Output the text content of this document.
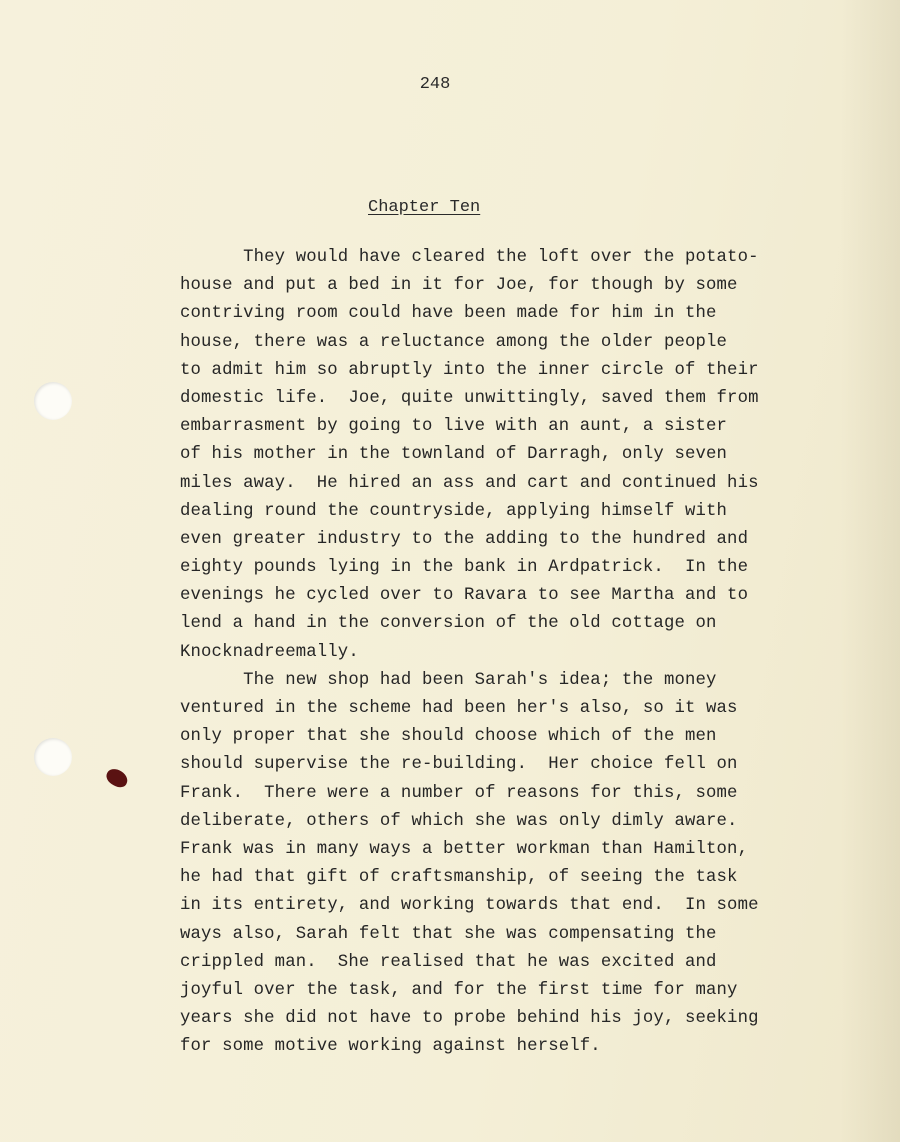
248
Chapter Ten
They would have cleared the loft over the potato-
house and put a bed in it for Joe, for though by some
contriving room could have been made for him in the
house, there was a reluctance among the older people
to admit him so abruptly into the inner circle of their
domestic life.  Joe, quite unwittingly, saved them from
embarrasment by going to live with an aunt, a sister
of his mother in the townland of Darragh, only seven
miles away.  He hired an ass and cart and continued his
dealing round the countryside, applying himself with
even greater industry to the adding to the hundred and
eighty pounds lying in the bank in Ardpatrick.  In the
evenings he cycled over to Ravara to see Martha and to
lend a hand in the conversion of the old cottage on
Knocknadreemally.
The new shop had been Sarah's idea; the money
ventured in the scheme had been her's also, so it was
only proper that she should choose which of the men
should supervise the re-building.  Her choice fell on
Frank.  There were a number of reasons for this, some
deliberate, others of which she was only dimly aware.
Frank was in many ways a better workman than Hamilton,
he had that gift of craftsmanship, of seeing the task
in its entirety, and working towards that end.  In some
ways also, Sarah felt that she was compensating the
crippled man.  She realised that he was excited and
joyful over the task, and for the first time for many
years she did not have to probe behind his joy, seeking
for some motive working against herself.
